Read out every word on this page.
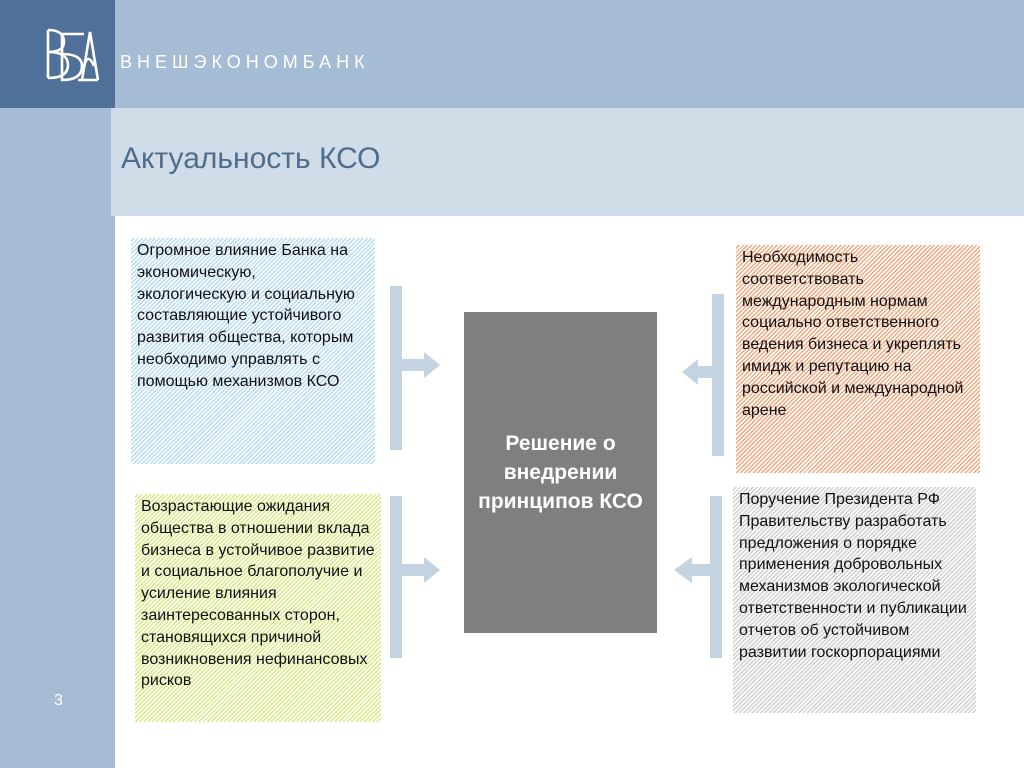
ВНЕШЭКОНОМБАНК
Актуальность КСО
3
Огромное влияние Банка на экономическую, экологическую и социальную составляющие устойчивого развития общества, которым необходимо управлять с помощью механизмов КСО
Возрастающие ожидания общества в отношении вклада бизнеса в устойчивое развитие и социальное благополучие и усиление влияния заинтересованных сторон, становящихся причиной возникновения нефинансовых рисков
Необходимость соответствовать международным нормам социально ответственного ведения бизнеса и укреплять имидж и репутацию на российской и международной арене
Поручение Президента РФ Правительству разработать предложения о порядке применения добровольных механизмов экологической ответственности и публикации отчетов об устойчивом развитии госкорпорациями
Решение о внедрении принципов КСО
